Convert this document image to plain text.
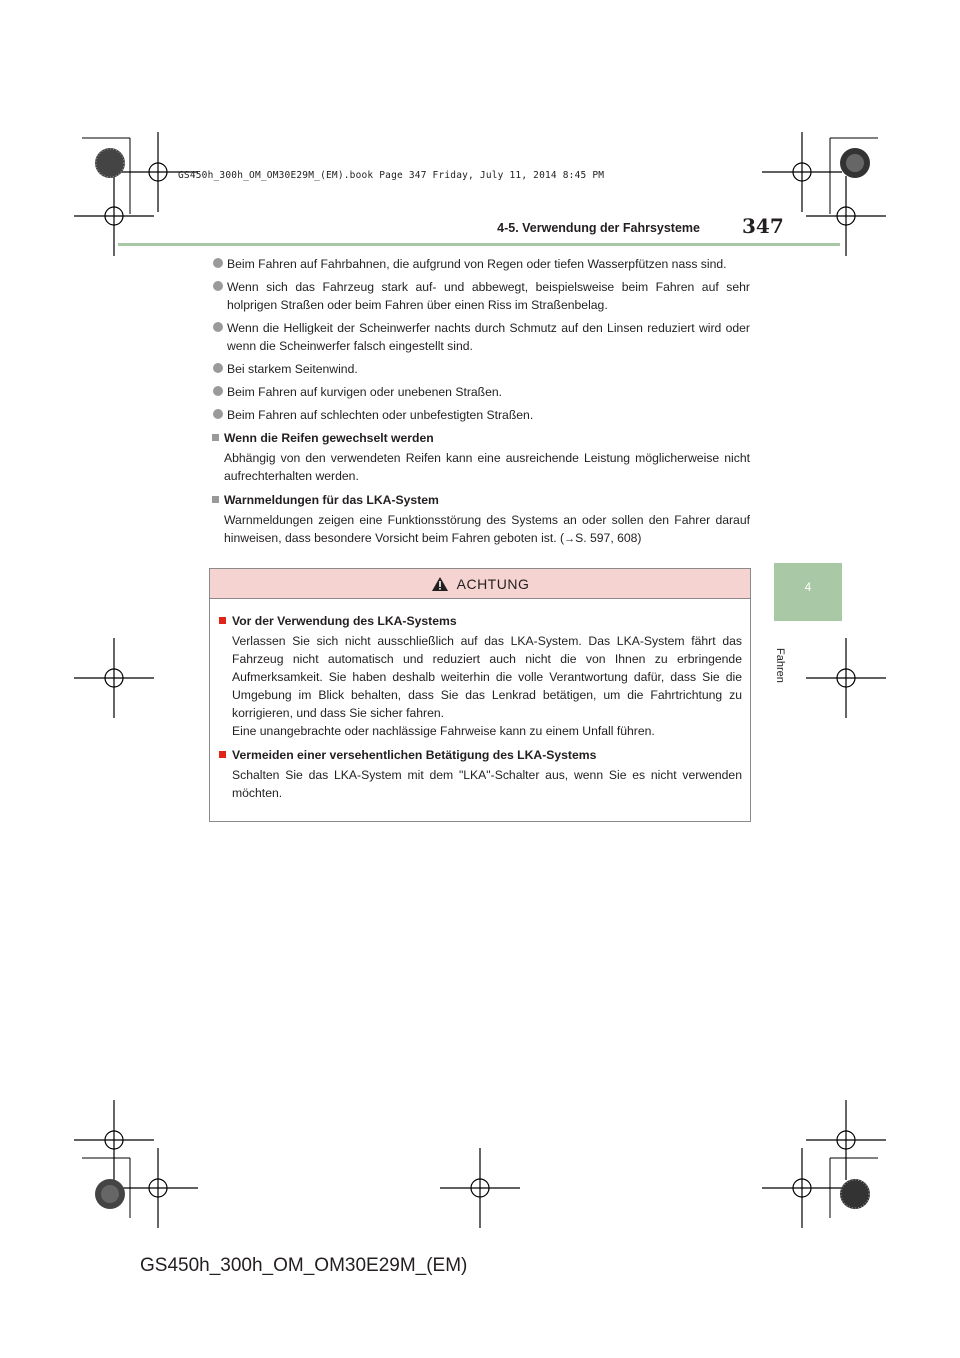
GS450h_300h_OM_OM30E29M_(EM).book Page 347 Friday, July 11, 2014 8:45 PM
4-5. Verwendung der Fahrsysteme 347
4
Fahren
Beim Fahren auf Fahrbahnen, die aufgrund von Regen oder tiefen Wasserpfützen nass sind.
Wenn sich das Fahrzeug stark auf- und abbewegt, beispielsweise beim Fahren auf sehr holprigen Straßen oder beim Fahren über einen Riss im Straßenbelag.
Wenn die Helligkeit der Scheinwerfer nachts durch Schmutz auf den Linsen reduziert wird oder wenn die Scheinwerfer falsch eingestellt sind.
Bei starkem Seitenwind.
Beim Fahren auf kurvigen oder unebenen Straßen.
Beim Fahren auf schlechten oder unbefestigten Straßen.
Wenn die Reifen gewechselt werden
Abhängig von den verwendeten Reifen kann eine ausreichende Leistung möglicherweise nicht aufrechterhalten werden.
Warnmeldungen für das LKA-System
Warnmeldungen zeigen eine Funktionsstörung des Systems an oder sollen den Fahrer darauf hinweisen, dass besondere Vorsicht beim Fahren geboten ist. (→S. 597, 608)
ACHTUNG
Vor der Verwendung des LKA-Systems
Verlassen Sie sich nicht ausschließlich auf das LKA-System. Das LKA-System fährt das Fahrzeug nicht automatisch und reduziert auch nicht die von Ihnen zu erbringende Aufmerksamkeit. Sie haben deshalb weiterhin die volle Verantwortung dafür, dass Sie die Umgebung im Blick behalten, dass Sie das Lenkrad betätigen, um die Fahrtrichtung zu korrigieren, und dass Sie sicher fahren.
Eine unangebrachte oder nachlässige Fahrweise kann zu einem Unfall führen.
Vermeiden einer versehentlichen Betätigung des LKA-Systems
Schalten Sie das LKA-System mit dem "LKA"-Schalter aus, wenn Sie es nicht verwenden möchten.
GS450h_300h_OM_OM30E29M_(EM)
